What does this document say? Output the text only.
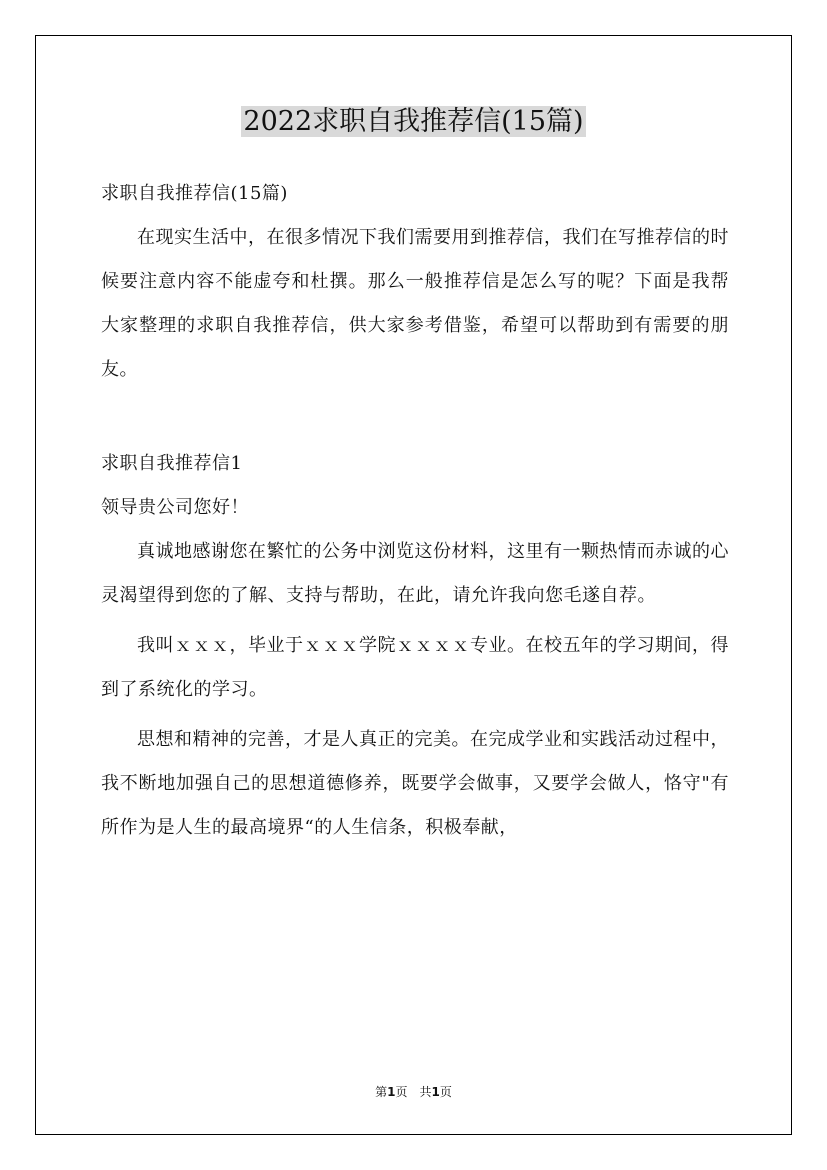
2022求职自我推荐信(15篇)

求职自我推荐信(15篇)

在现实生活中，在很多情况下我们需要用到推荐信，我们在写推荐信的时候要注意内容不能虚夸和杜撰。那么一般推荐信是怎么写的呢？下面是我帮大家整理的求职自我推荐信，供大家参考借鉴，希望可以帮助到有需要的朋友。

求职自我推荐信1

领导贵公司您好！

真诚地感谢您在繁忙的公务中浏览这份材料，这里有一颗热情而赤诚的心灵渴望得到您的了解、支持与帮助，在此，请允许我向您毛遂自荐。

我叫ｘｘｘ，毕业于ｘｘｘ学院ｘｘｘｘ专业。在校五年的学习期间，得到了系统化的学习。

思想和精神的完善，才是人真正的完美。在完成学业和实践活动过程中，我不断地加强自己的思想道德修养，既要学会做事，又要学会做人，恪守"有所作为是人生的最高境界“的人生信条，积极奉献，

第1页　共1页
